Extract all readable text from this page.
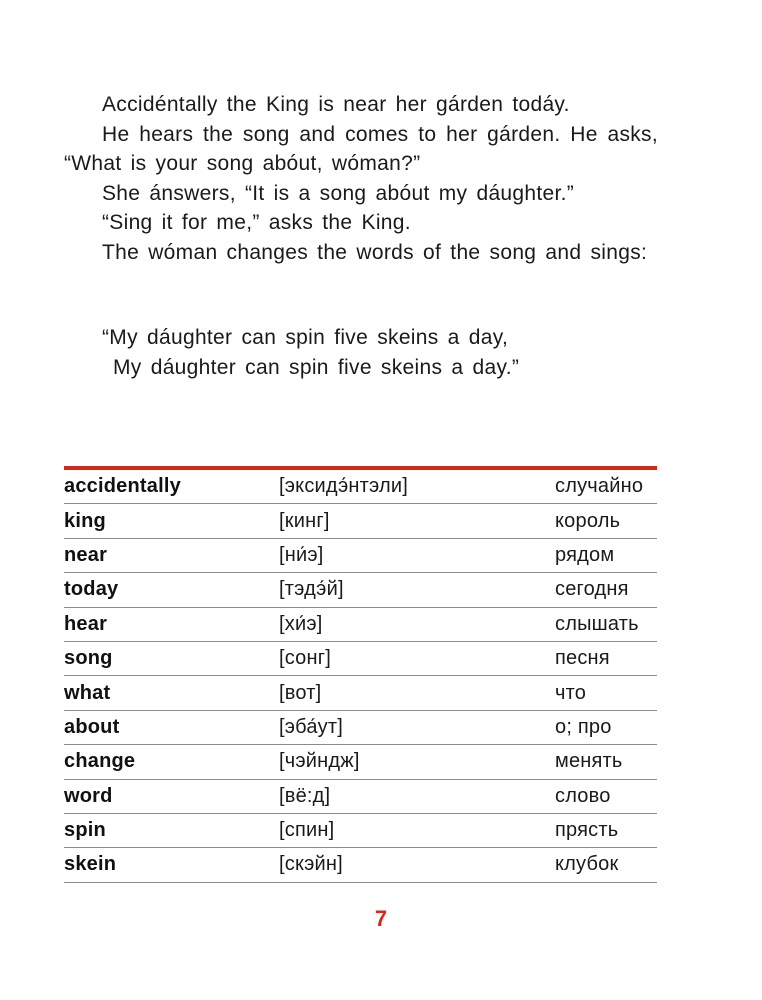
Accidéntally the King is near her gárden todáy.

He hears the song and comes to her gárden. He asks, “What is your song abóut, wóman?”

She ánswers, “It is a song abóut my dáughter.”

“Sing it for me,” asks the King.

The wóman changes the words of the song and sings:

“My dáughter can spin five skeins a day,

My dáughter can spin five skeins a day.”

accidentally	[эксидэ́нтэли]	случайно
king	[кинг]	король
near	[ни́э]	рядом
today	[тэдэ́й]	сегодня
hear	[хи́э]	слышать
song	[сонг]	песня
what	[вот]	что
about	[эба́ут]	о; про
change	[чэйндж]	менять
word	[вё:д]	слово
spin	[спин]	прясть
skein	[скэйн]	клубок
7
